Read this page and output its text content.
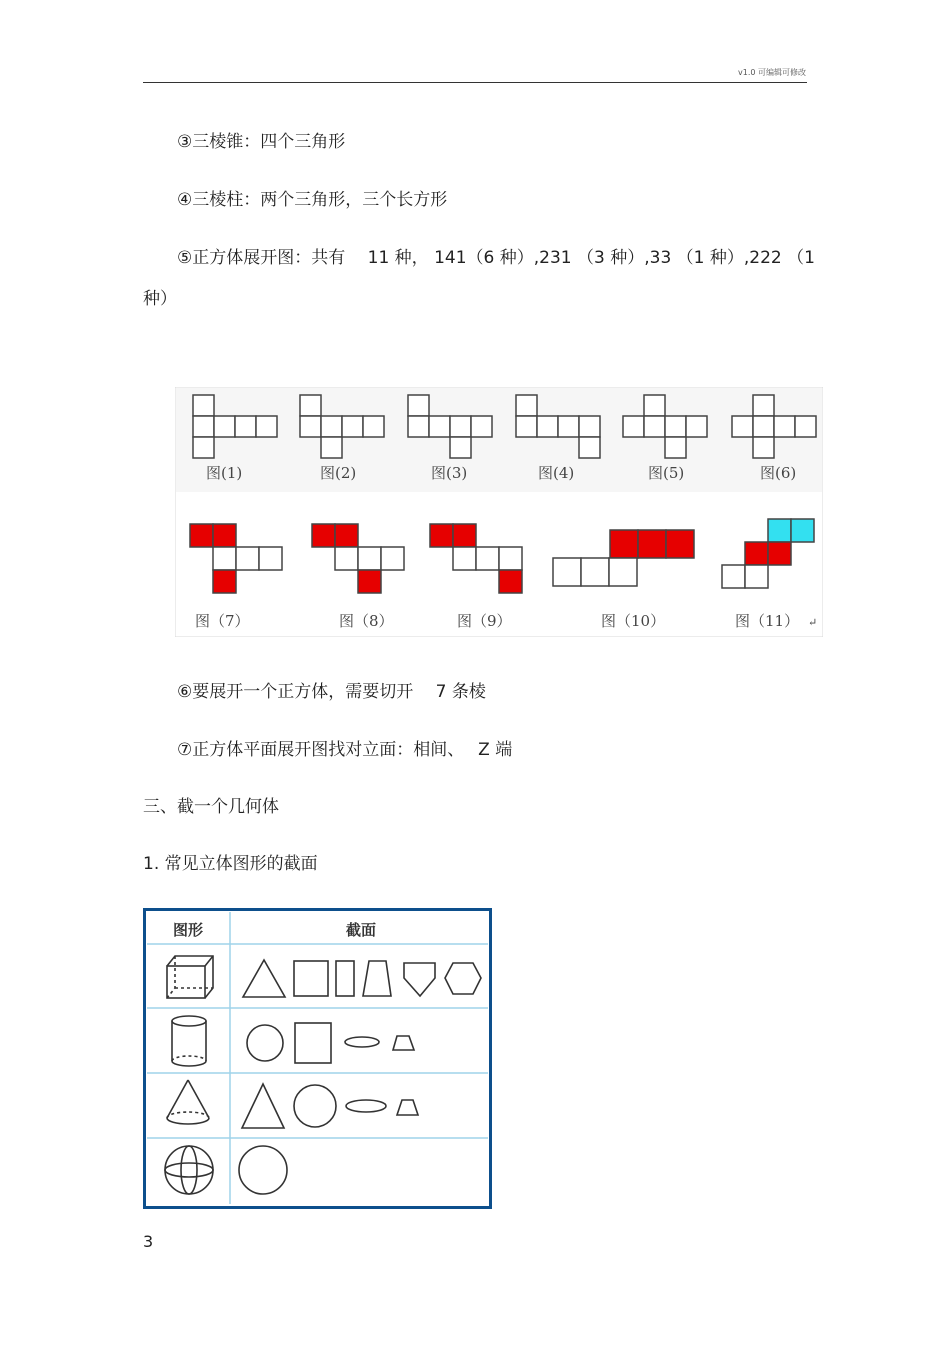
v1.0 可编辑可修改
③三棱锥：四个三角形
④三棱柱：两个三角形，三个长方形
⑤正方体展开图：共有　 11 种， 141（6 种）,231 （3 种）,33 （1 种）,222 （1
种）
图(1)	图(2)	图(3)	图(4)	图(5)	图(6)
图（7）	图（8）	图（9）	图（10）	图（11） ↵
⑥要展开一个正方体，需要切开　 7 条棱
⑦正方体平面展开图找对立面：相间、　 Z 端
三、截一个几何体
1. 常见立体图形的截面
图形	截面
3
